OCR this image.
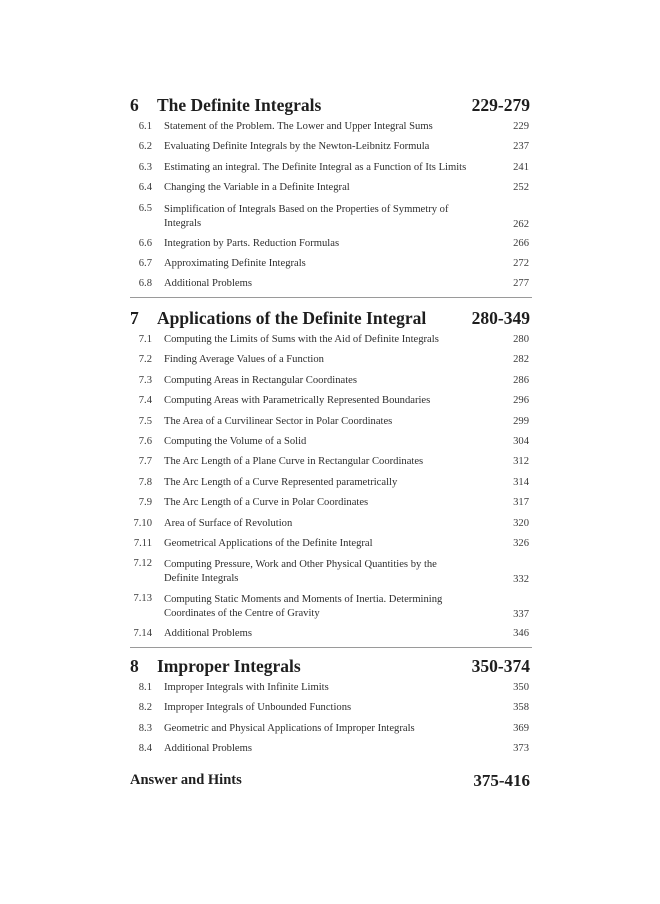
6 The Definite Integrals	229-279
6.1 Statement of the Problem. The Lower and Upper Integral Sums	229
6.2 Evaluating Definite Integrals by the Newton-Leibnitz Formula	237
6.3 Estimating an integral. The Definite Integral as a Function of Its Limits	241
6.4 Changing the Variable in a Definite Integral	252
6.5 Simplification of Integrals Based on the Properties of Symmetry of Integrals	262
6.6 Integration by Parts. Reduction Formulas	266
6.7 Approximating Definite Integrals	272
6.8 Additional Problems	277
7 Applications of the Definite Integral	280-349
7.1 Computing the Limits of Sums with the Aid of Definite Integrals	280
7.2 Finding Average Values of a Function	282
7.3 Computing Areas in Rectangular Coordinates	286
7.4 Computing Areas with Parametrically Represented Boundaries	296
7.5 The Area of a Curvilinear Sector in Polar Coordinates	299
7.6 Computing the Volume of a Solid	304
7.7 The Arc Length of a Plane Curve in Rectangular Coordinates	312
7.8 The Arc Length of a Curve Represented parametrically	314
7.9 The Arc Length of a Curve in Polar Coordinates	317
7.10 Area of Surface of Revolution	320
7.11 Geometrical Applications of the Definite Integral	326
7.12 Computing Pressure, Work and Other Physical Quantities by the Definite Integrals	332
7.13 Computing Static Moments and Moments of Inertia. Determining Coordinates of the Centre of Gravity	337
7.14 Additional Problems	346
8 Improper Integrals	350-374
8.1 Improper Integrals with Infinite Limits	350
8.2 Improper Integrals of Unbounded Functions	358
8.3 Geometric and Physical Applications of Improper Integrals	369
8.4 Additional Problems	373
Answer and Hints	375-416
